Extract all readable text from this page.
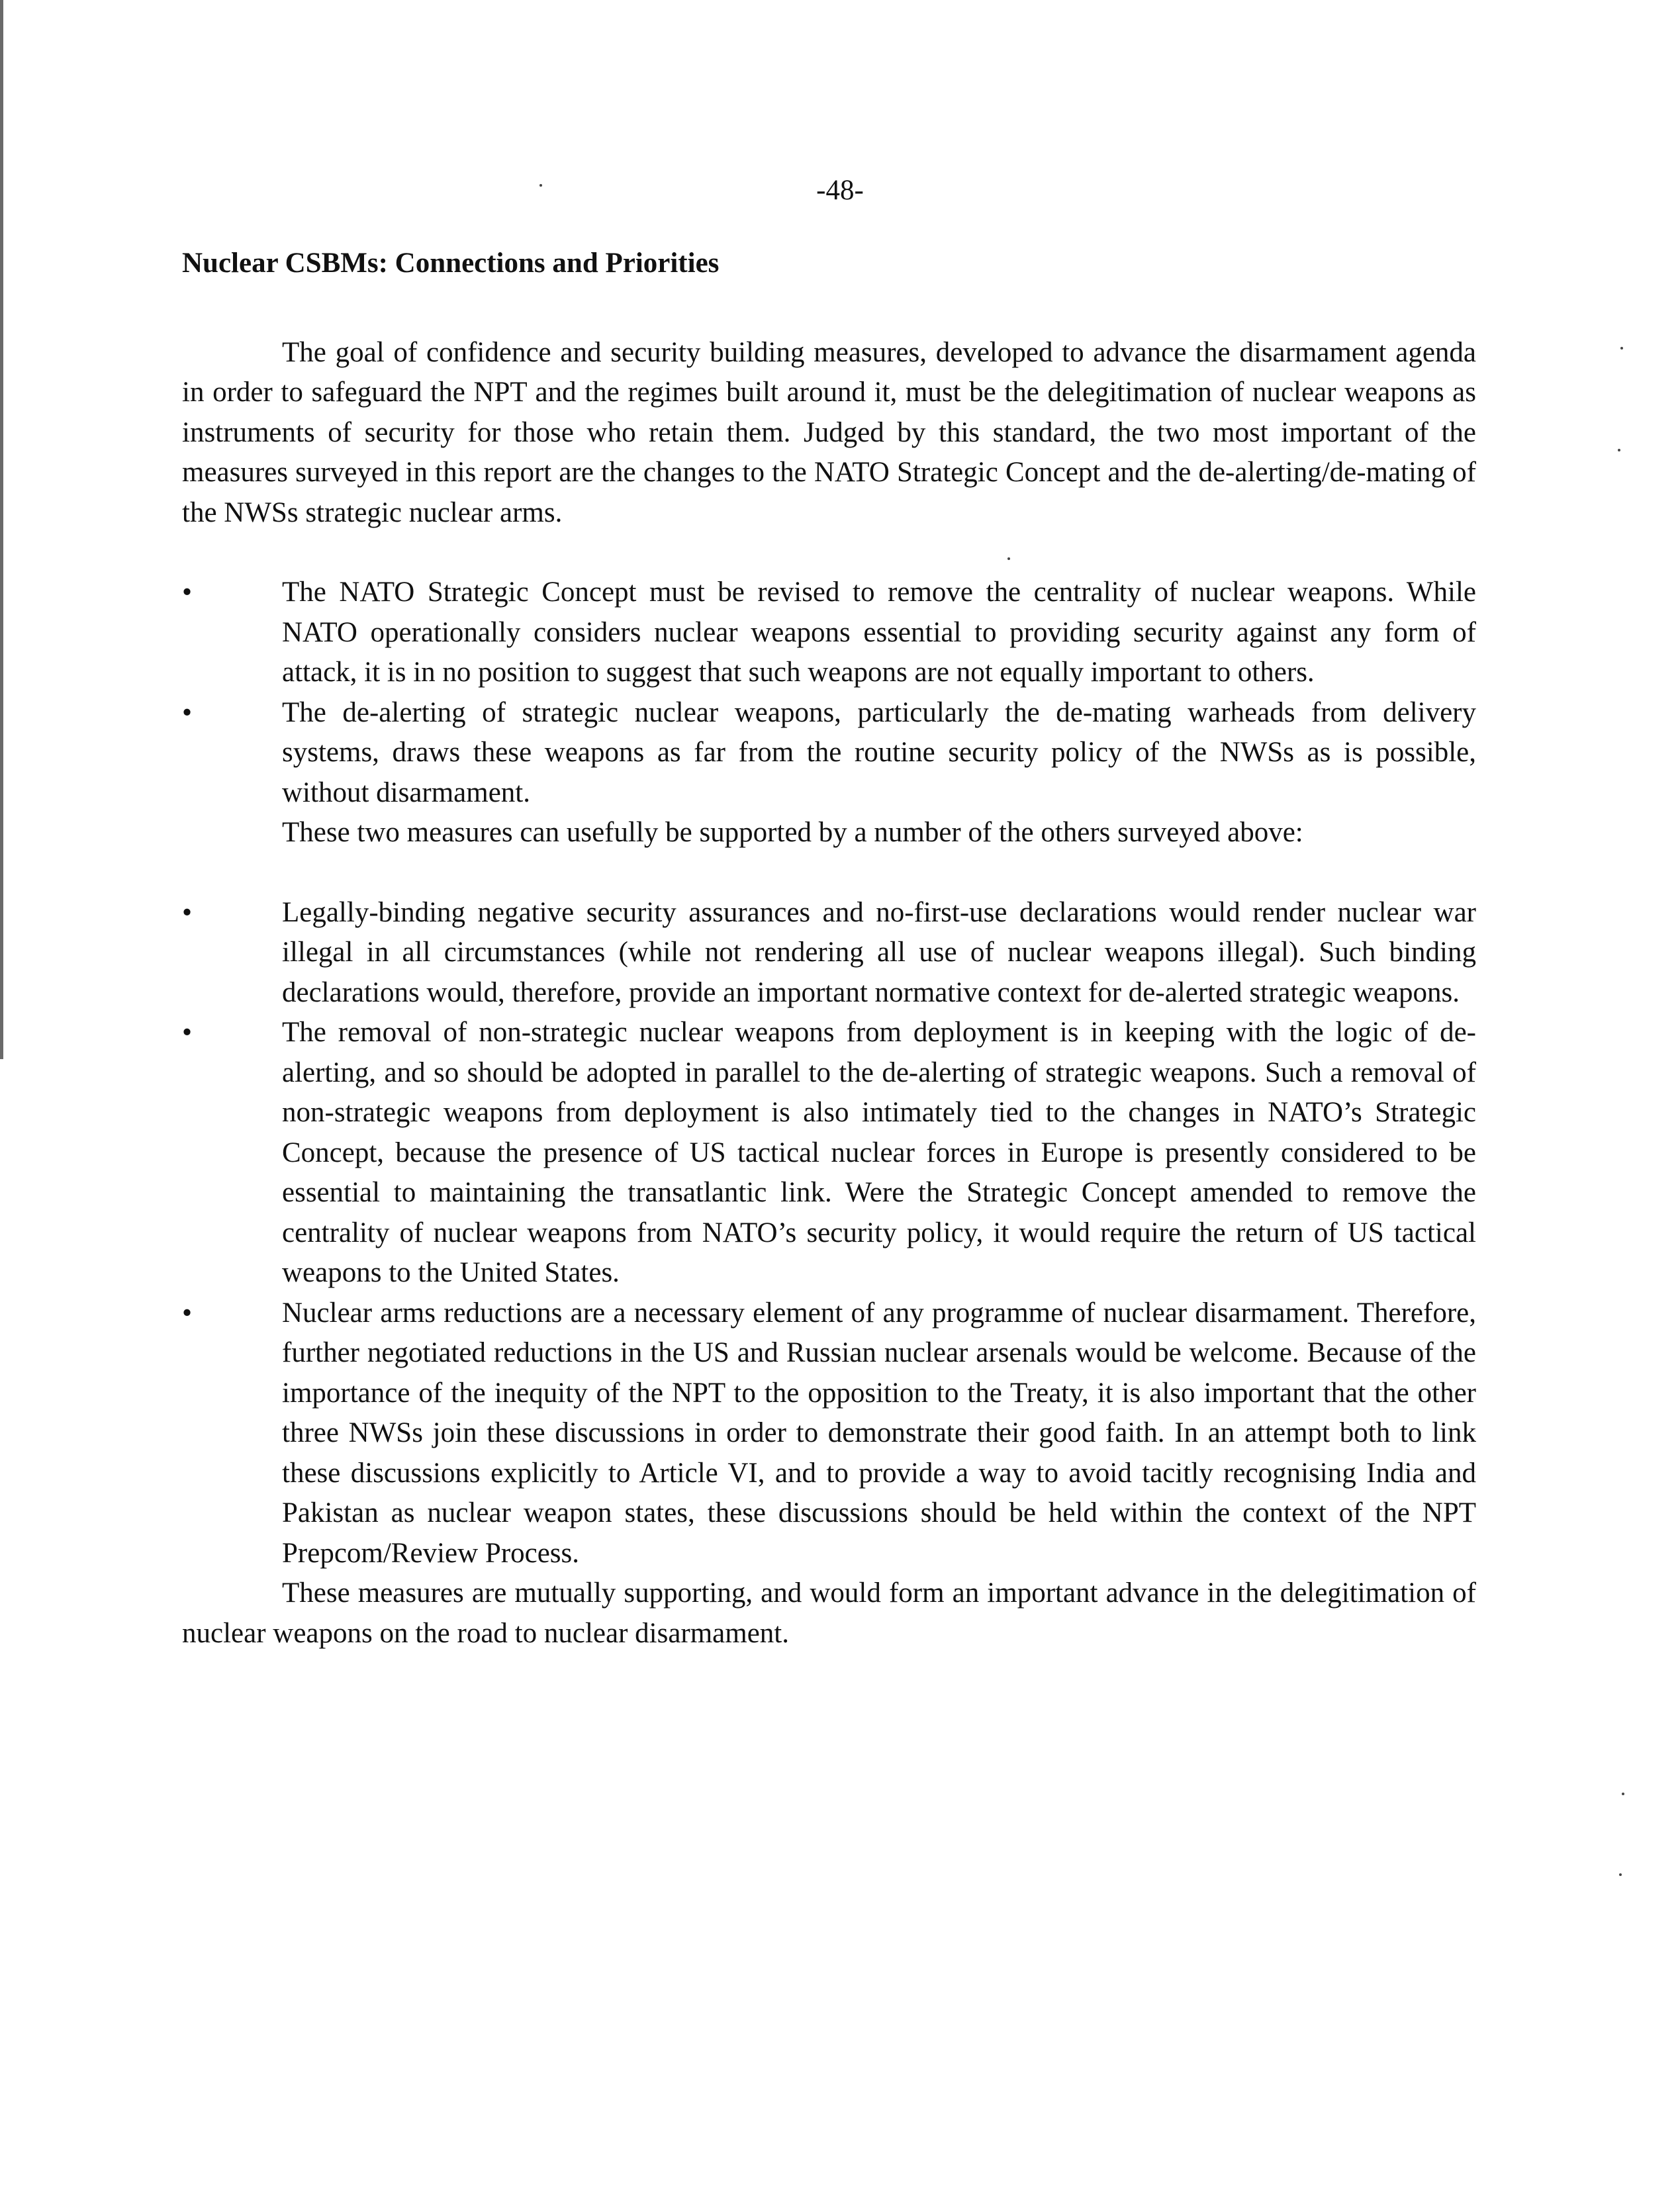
-48-

Nuclear CSBMs: Connections and Priorities

The goal of confidence and security building measures, developed to advance the disarmament agenda in order to safeguard the NPT and the regimes built around it, must be the delegitimation of nuclear weapons as instruments of security for those who retain them. Judged by this standard, the two most important of the measures surveyed in this report are the changes to the NATO Strategic Concept and the de-alerting/de-mating of the NWSs strategic nuclear arms.

•	The NATO Strategic Concept must be revised to remove the centrality of nuclear weapons. While NATO operationally considers nuclear weapons essential to providing security against any form of attack, it is in no position to suggest that such weapons are not equally important to others.
•	The de-alerting of strategic nuclear weapons, particularly the de-mating warheads from delivery systems, draws these weapons as far from the routine security policy of the NWSs as is possible, without disarmament.

These two measures can usefully be supported by a number of the others surveyed above:

•	Legally-binding negative security assurances and no-first-use declarations would render nuclear war illegal in all circumstances (while not rendering all use of nuclear weapons illegal). Such binding declarations would, therefore, provide an important normative context for de-alerted strategic weapons.
•	The removal of non-strategic nuclear weapons from deployment is in keeping with the logic of de-alerting, and so should be adopted in parallel to the de-alerting of strategic weapons. Such a removal of non-strategic weapons from deployment is also intimately tied to the changes in NATO’s Strategic Concept, because the presence of US tactical nuclear forces in Europe is presently considered to be essential to maintaining the transatlantic link. Were the Strategic Concept amended to remove the centrality of nuclear weapons from NATO’s security policy, it would require the return of US tactical weapons to the United States.
•	Nuclear arms reductions are a necessary element of any programme of nuclear disarmament. Therefore, further negotiated reductions in the US and Russian nuclear arsenals would be welcome. Because of the importance of the inequity of the NPT to the opposition to the Treaty, it is also important that the other three NWSs join these discussions in order to demonstrate their good faith. In an attempt both to link these discussions explicitly to Article VI, and to provide a way to avoid tacitly recognising India and Pakistan as nuclear weapon states, these discussions should be held within the context of the NPT Prepcom/Review Process.

These measures are mutually supporting, and would form an important advance in the delegitimation of nuclear weapons on the road to nuclear disarmament.
